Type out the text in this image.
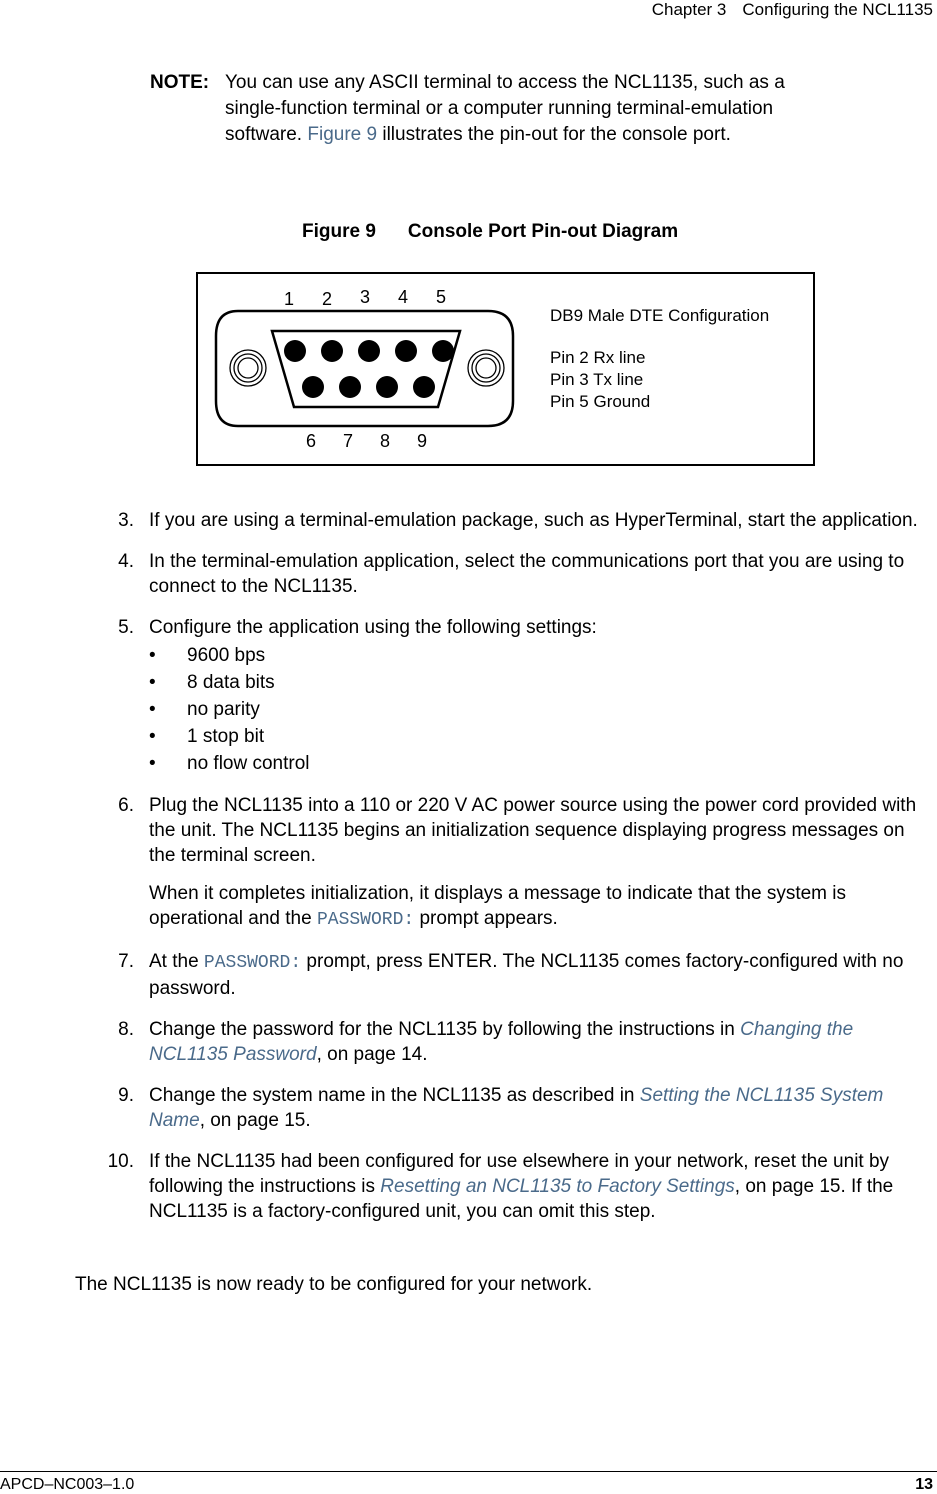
Chapter 3 Configuring the NCL1135
NOTE: You can use any ASCII terminal to access the NCL1135, such as a single-function terminal or a computer running terminal-emulation software. Figure 9 illustrates the pin-out for the console port.
Figure 9 Console Port Pin-out Diagram
1 2 3 4 5
6 7 8 9
DB9 Male DTE Configuration
Pin 2 Rx line
Pin 3 Tx line
Pin 5 Ground
3. If you are using a terminal-emulation package, such as HyperTerminal, start the application.

4. In the terminal-emulation application, select the communications port that you are using to connect to the NCL1135.

5. Configure the application using the following settings:

• 9600 bps
• 8 data bits
• no parity
• 1 stop bit
• no flow control
6. Plug the NCL1135 into a 110 or 220 V AC power source using the power cord provided with the unit. The NCL1135 begins an initialization sequence displaying progress messages on the terminal screen.

When it completes initialization, it displays a message to indicate that the system is operational and the PASSWORD: prompt appears.

7. At the PASSWORD: prompt, press ENTER. The NCL1135 comes factory-configured with no password.

8. Change the password for the NCL1135 by following the instructions in Changing the NCL1135 Password, on page 14.

9. Change the system name in the NCL1135 as described in Setting the NCL1135 System Name, on page 15.

10. If the NCL1135 had been configured for use elsewhere in your network, reset the unit by following the instructions is Resetting an NCL1135 to Factory Settings, on page 15. If the NCL1135 is a factory-configured unit, you can omit this step.

The NCL1135 is now ready to be configured for your network.
APCD–NC003–1.0	13
